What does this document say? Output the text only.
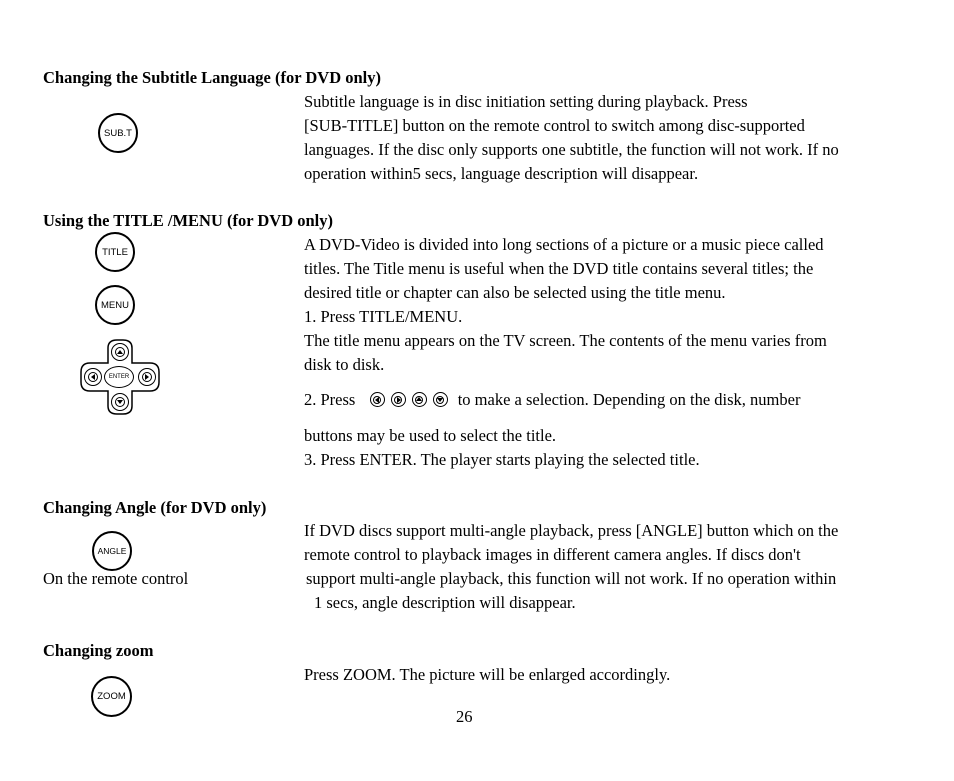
Changing the Subtitle Language (for DVD only)
SUB.T
Subtitle language is in disc initiation setting during playback. Press
[SUB-TITLE] button on the remote control to switch among disc-supported
languages. If the disc only supports one subtitle, the function will not work. If no
operation within5 secs, language description will disappear.
Using the TITLE /MENU (for DVD only)
TITLE
MENU
ENTER
A DVD-Video is divided into long sections of a picture or a music piece called
titles. The Title menu is useful when the DVD title contains several titles; the
desired title or chapter can also be selected using the title menu.
1. Press TITLE/MENU.
The title menu appears on the TV screen. The contents of the menu varies from
disk to disk.
2. Press	to make a selection. Depending on the disk, number
buttons may be used to select the title.
3. Press ENTER. The player starts playing the selected title.
Changing Angle (for DVD only)
ANGLE
On the remote control
If DVD discs support multi-angle playback, press [ANGLE] button which on the
remote control to playback images in different camera angles. If discs don't
support multi-angle playback, this function will not work. If no operation within
1 secs, angle description will disappear.
Changing zoom
ZOOM
Press ZOOM. The picture will be enlarged accordingly.
26
